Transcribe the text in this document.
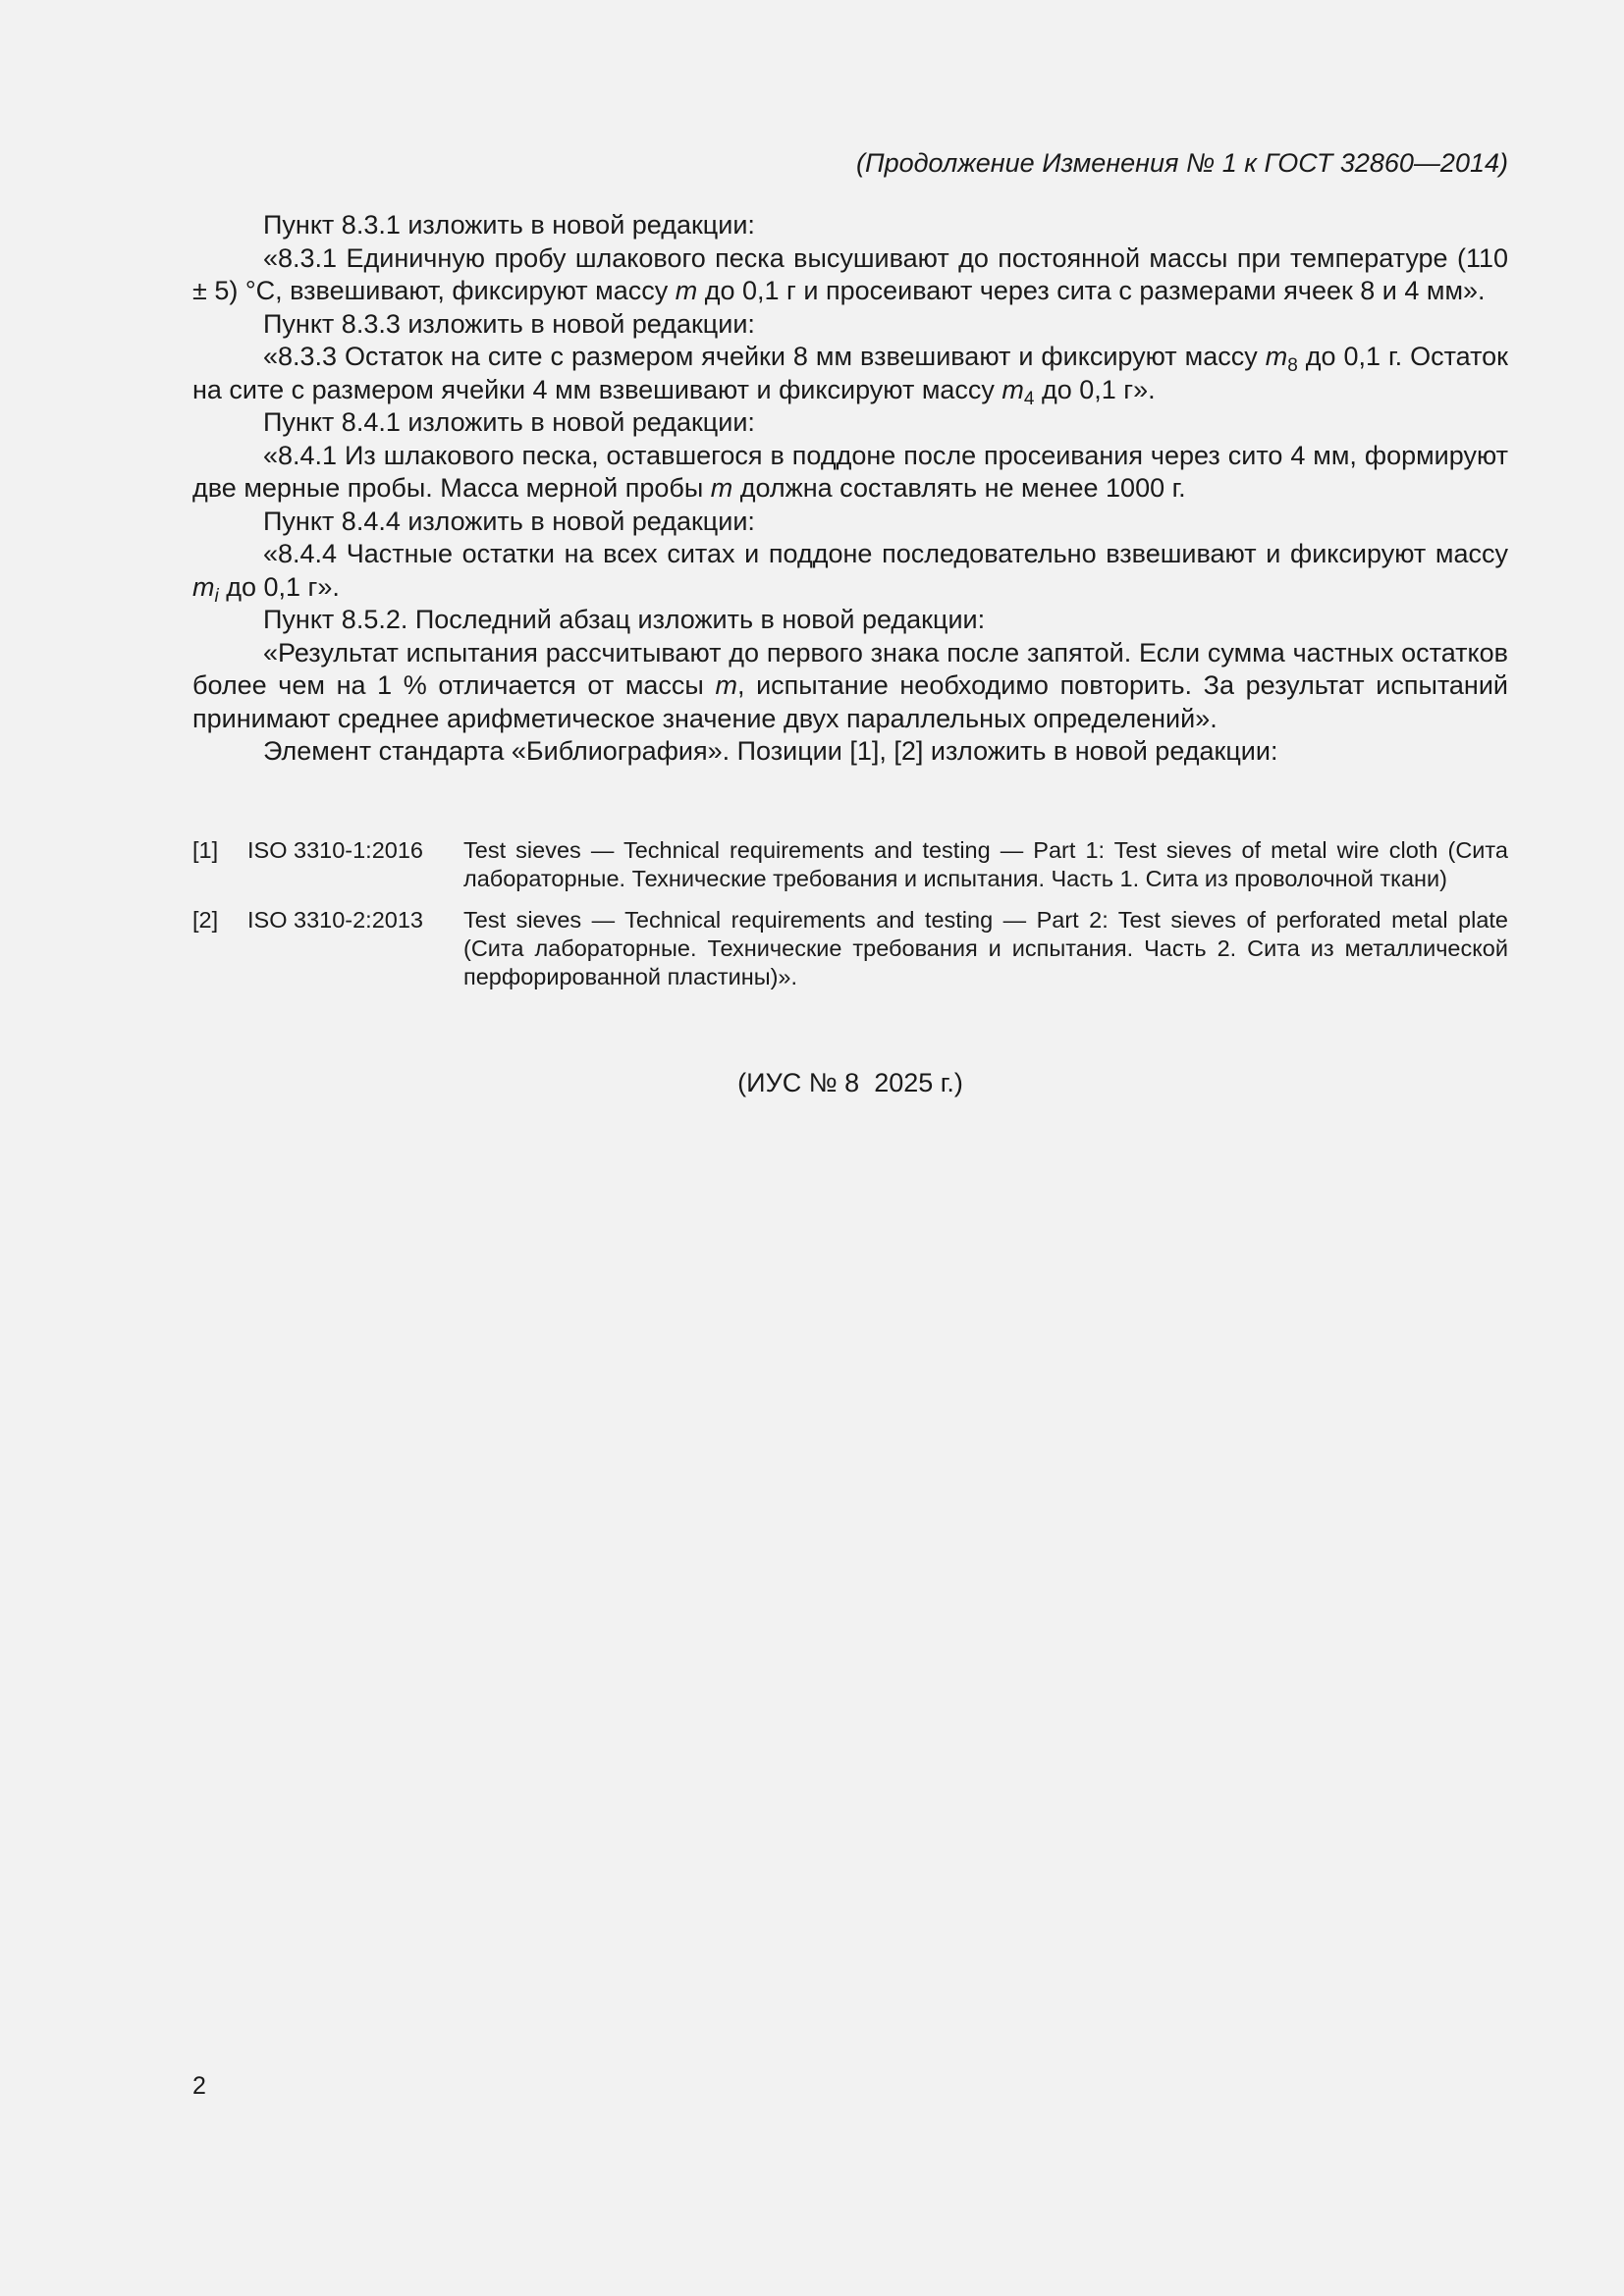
(Продолжение Изменения № 1 к ГОСТ 32860—2014)

Пункт 8.3.1 изложить в новой редакции:

«8.3.1 Единичную пробу шлакового песка высушивают до постоянной массы при температуре (110 ± 5) °С, взвешивают, фиксируют массу m до 0,1 г и просеивают через сита с размерами ячеек 8 и 4 мм».

Пункт 8.3.3 изложить в новой редакции:

«8.3.3 Остаток на сите с размером ячейки 8 мм взвешивают и фиксируют массу $m_8$ до 0,1 г. Остаток на сите с размером ячейки 4 мм взвешивают и фиксируют массу $m_4$ до 0,1 г».

Пункт 8.4.1 изложить в новой редакции:

«8.4.1 Из шлакового песка, оставшегося в поддоне после просеивания через сито 4 мм, формируют две мерные пробы. Масса мерной пробы m должна составлять не менее 1000 г.

Пункт 8.4.4 изложить в новой редакции:

«8.4.4 Частные остатки на всех ситах и поддоне последовательно взвешивают и фиксируют массу $m_i$ до 0,1 г».

Пункт 8.5.2. Последний абзац изложить в новой редакции:

«Результат испытания рассчитывают до первого знака после запятой. Если сумма частных остатков более чем на 1 % отличается от массы m, испытание необходимо повторить. За результат испытаний принимают среднее арифметическое значение двух параллельных определений».

Элемент стандарта «Библиография». Позиции [1], [2] изложить в новой редакции:

[1] ISO 3310-1:2016 Test sieves — Technical requirements and testing — Part 1: Test sieves of metal wire cloth (Сита лабораторные. Технические требования и испытания. Часть 1. Сита из проволочной ткани)
[2] ISO 3310-2:2013 Test sieves — Technical requirements and testing — Part 2: Test sieves of perforated metal plate (Сита лабораторные. Технические требования и испытания. Часть 2. Сита из металлической перфорированной пластины)».
(ИУС № 8  2025 г.)
2
